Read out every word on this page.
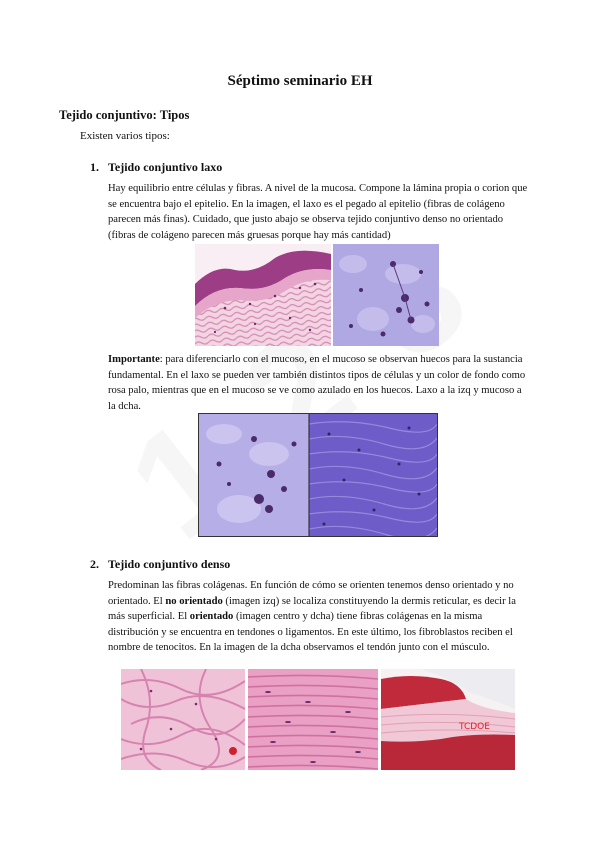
Séptimo seminario EH
Tejido conjuntivo: Tipos
Existen varios tipos:
1. Tejido conjuntivo laxo
Hay equilibrio entre células y fibras. A nivel de la mucosa. Compone la lámina propia o corion que se encuentra bajo el epitelio. En la imagen, el laxo es el pegado al epitelio (fibras de colágeno parecen más finas). Cuidado, que justo abajo se observa tejido conjuntivo denso no orientado (fibras de colágeno parecen más gruesas porque hay más cantidad)
Importante: para diferenciarlo con el mucoso, en el mucoso se observan huecos para la sustancia fundamental. En el laxo se pueden ver también distintos tipos de células y un color de fondo como rosa palo, mientras que en el mucoso se ve como azulado en los huecos. Laxo a la izq y mucoso a la dcha.
2. Tejido conjuntivo denso
Predominan las fibras colágenas. En función de cómo se orienten tenemos denso orientado y no orientado. El no orientado (imagen izq) se localiza constituyendo la dermis reticular, es decir la más superficial. El orientado (imagen centro y dcha) tiene fibras colágenas en la misma distribución y se encuentra en tendones o ligamentos. En este último, los fibroblastos reciben el nombre de tenocitos. En la imagen de la dcha observamos el tendón junto con el músculo.
TCDOE
